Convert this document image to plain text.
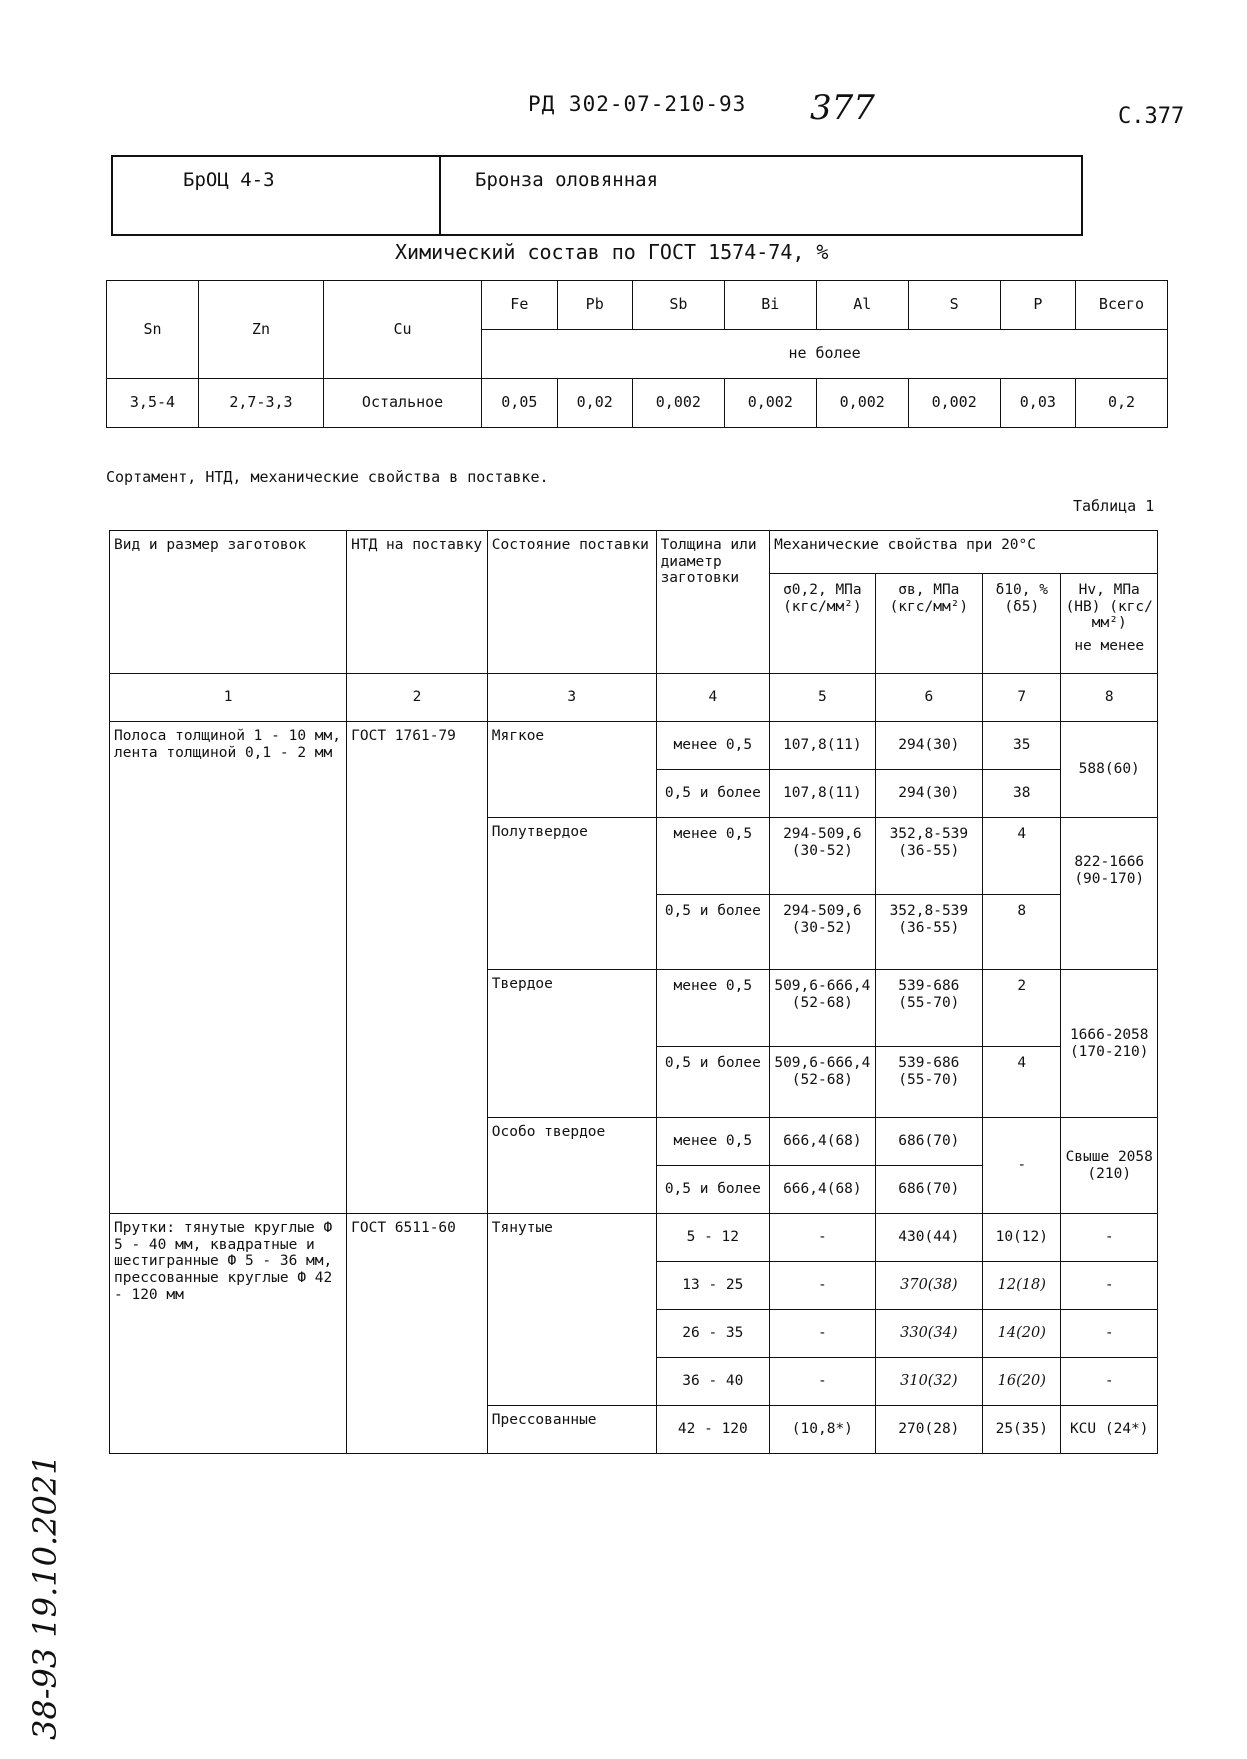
РД 302-07-210-93 377	С.377
БрОЦ 4-3	Бронза оловянная
Химический состав по ГОСТ 1574-74, %
Sn	Zn	Cu	Fe	Pb	Sb	Bi	Al	S	P	Всего
			не более							
3,5-4	2,7-3,3	Остальное	0,05	0,02	0,002	0,002	0,002	0,002	0,03	0,2
Сортамент, НТД, механические свойства в поставке.
Таблица 1
Вид и размер заготовок	НТД на поставку	Состояние поставки	Толщина или диаметр заготовки	Механические свойства при 20°С			

				σ0,2, МПа (кгс/мм²)	σв, МПа (кгс/мм²)	δ10, % (δ5)	Нv, МПа (НВ) (кгс/мм²)
не менее

1	2	3	4	5	6	7	8
Полоса толщиной 1 - 10 мм, лента толщиной 0,1 - 2 мм	ГОСТ 1761-79	Мягкое	менее 0,5	107,8(11)	294(30)	35	588(60)
			0,5 и более	107,8(11)	294(30)	38	
		Полутвердое	менее 0,5	294-509,6 (30-52)	352,8-539 (36-55)	4	822-1666 (90-170)
			0,5 и более	294-509,6 (30-52)	352,8-539 (36-55)	8	
		Твердое	менее 0,5	509,6-666,4 (52-68)	539-686 (55-70)	2	1666-2058 (170-210)
			0,5 и более	509,6-666,4 (52-68)	539-686 (55-70)	4	
		Особо твердое	менее 0,5	666,4(68)	686(70)	-	Свыше 2058 (210)
			0,5 и более	666,4(68)	686(70)		
Прутки: тянутые круглые Ф 5 - 40 мм, квадратные и шестигранные Ф 5 - 36 мм, прессованные круглые Ф 42 - 120 мм	ГОСТ 6511-60	Тянутые	5 - 12	-	430(44)	10(12)	-
			13 - 25	-	370(38)	12(18)	-
			26 - 35	-	330(34)	14(20)	-
			36 - 40	-	310(32)	16(20)	-
		Прессованные	42 - 120	(10,8*)	270(28)	25(35)	KCU (24*)
38-93 19.10.2021
